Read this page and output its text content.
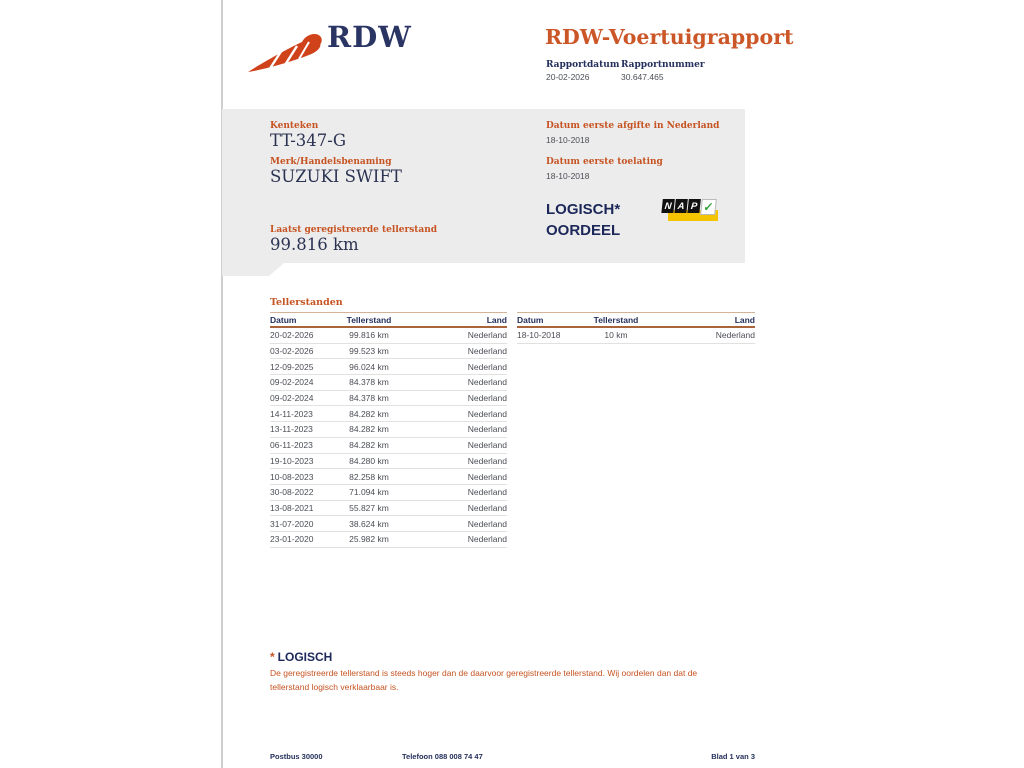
RDW	RDW-Voertuigrapport
Rapportdatum Rapportnummer
20-02-2026	30.647.465
Kenteken
TT-347-G
Merk/Handelsbenaming
SUZUKI SWIFT
Laatst geregistreerde tellerstand
99.816 km
Datum eerste afgifte in Nederland
18-10-2018
Datum eerste toelating
18-10-2018
LOGISCH*
OORDEEL
N A P ✓
Tellerstanden
Datum	Tellerstand	Land
20-02-2026	99.816 km	Nederland
03-02-2026	99.523 km	Nederland
12-09-2025	96.024 km	Nederland
09-02-2024	84.378 km	Nederland
09-02-2024	84.378 km	Nederland
14-11-2023	84.282 km	Nederland
13-11-2023	84.282 km	Nederland
06-11-2023	84.282 km	Nederland
19-10-2023	84.280 km	Nederland
10-08-2023	82.258 km	Nederland
30-08-2022	71.094 km	Nederland
13-08-2021	55.827 km	Nederland
31-07-2020	38.624 km	Nederland
23-01-2020	25.982 km	Nederland
Datum	Tellerstand	Land
18-10-2018	10 km	Nederland
* LOGISCH
De geregistreerde tellerstand is steeds hoger dan de daarvoor geregistreerde tellerstand. Wij oordelen dan dat de tellerstand logisch verklaarbaar is.
Postbus 30000	Telefoon 088 008 74 47	Blad 1 van 3
